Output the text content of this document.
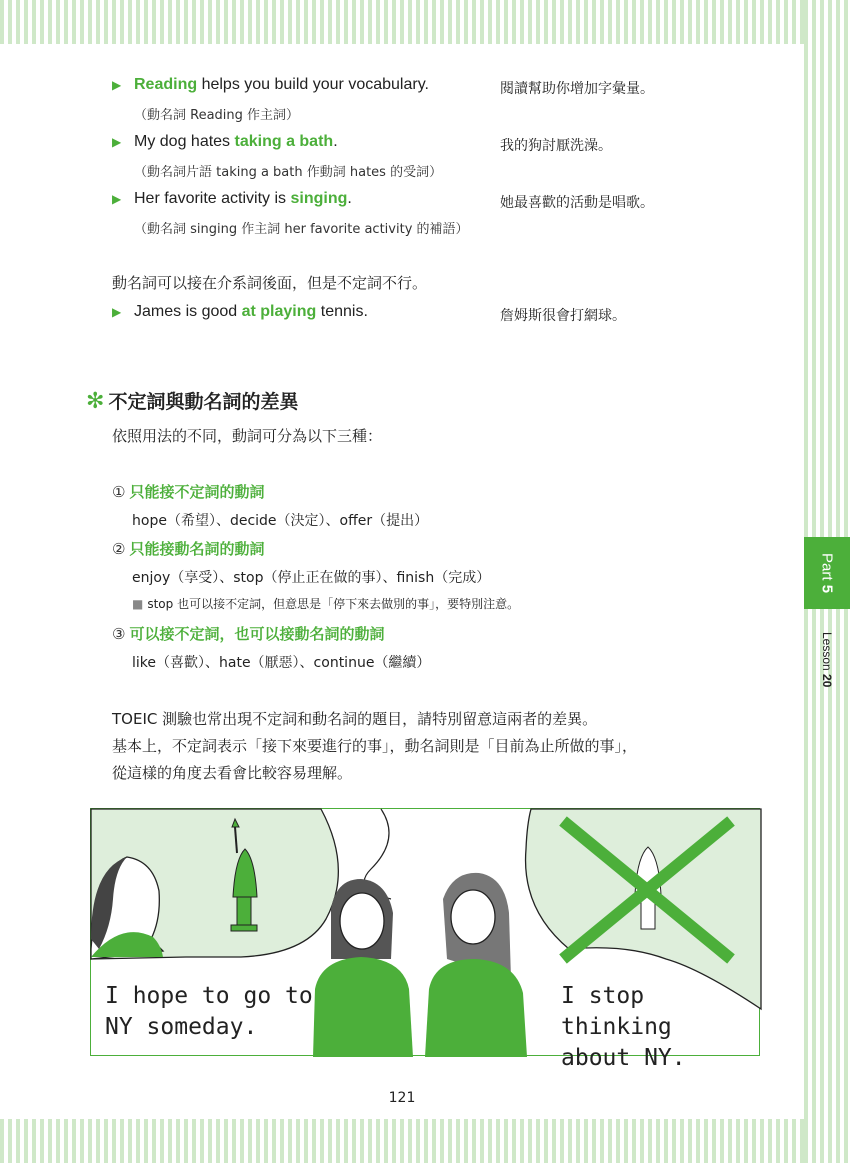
Part 5
Lesson 20
▶ Reading helps you build your vocabulary.	閱讀幫助你增加字彙量。
（動名詞 Reading 作主詞）
▶ My dog hates taking a bath.	我的狗討厭洗澡。
（動名詞片語 taking a bath 作動詞 hates 的受詞）
▶ Her favorite activity is singing.	她最喜歡的活動是唱歌。
（動名詞 singing 作主詞 her favorite activity 的補語）
動名詞可以接在介系詞後面，但是不定詞不行。
▶ James is good at playing tennis.	詹姆斯很會打網球。
✻ 不定詞與動名詞的差異
依照用法的不同，動詞可分為以下三種：
① 只能接不定詞的動詞
hope（希望）、decide（決定）、offer（提出）
② 只能接動名詞的動詞
enjoy（享受）、stop（停止正在做的事）、finish（完成）
■ stop 也可以接不定詞，但意思是「停下來去做別的事」，要特別注意。
③ 可以接不定詞，也可以接動名詞的動詞
like（喜歡）、hate（厭惡）、continue（繼續）
TOEIC 測驗也常出現不定詞和動名詞的題目，請特別留意這兩者的差異。
基本上，不定詞表示「接下來要進行的事」，動名詞則是「目前為止所做的事」，
從這樣的角度去看會比較容易理解。
I hope to go to
NY someday.
I stop thinking
about NY.
121
